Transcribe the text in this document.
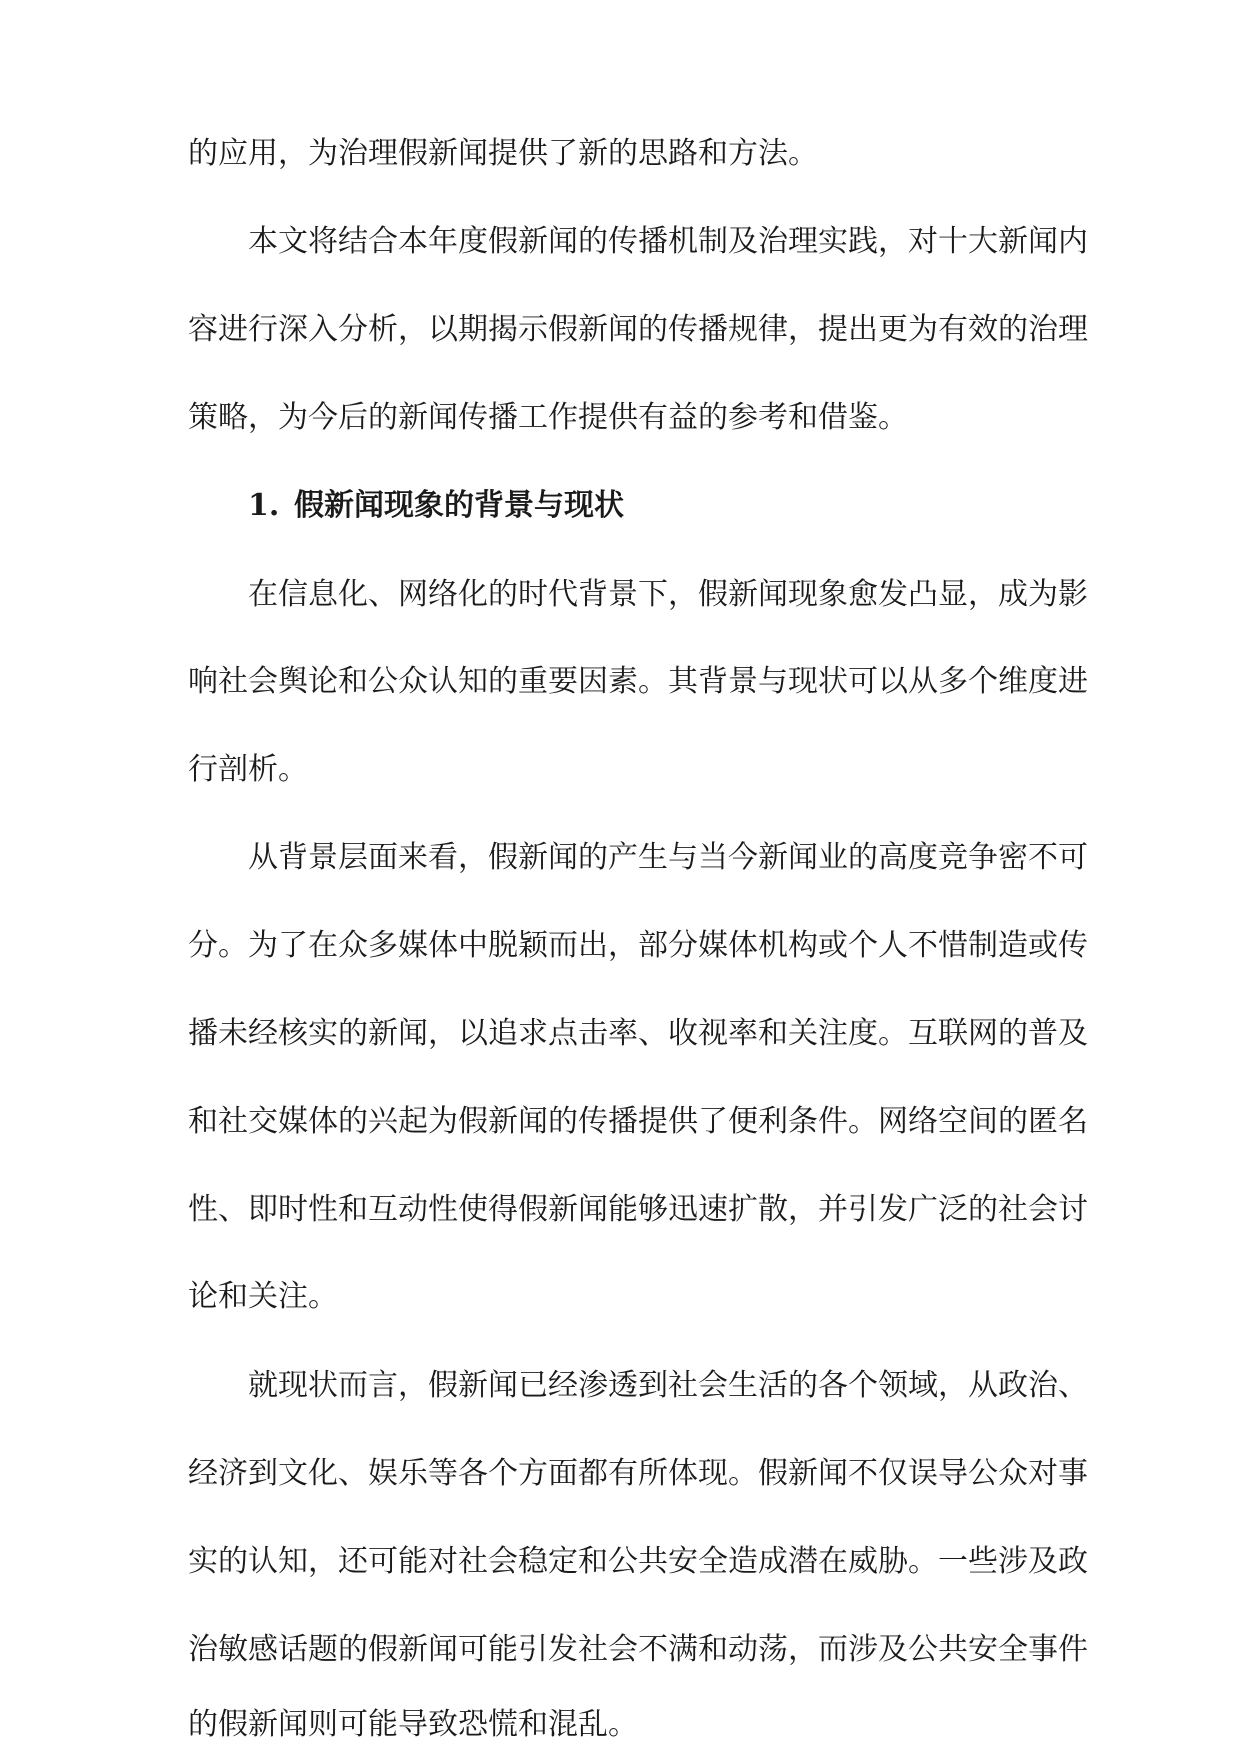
的应用，为治理假新闻提供了新的思路和方法。
本文将结合本年度假新闻的传播机制及治理实践，对十大新闻内
容进行深入分析，以期揭示假新闻的传播规律，提出更为有效的治理
策略，为今后的新闻传播工作提供有益的参考和借鉴。
1. 假新闻现象的背景与现状
在信息化、网络化的时代背景下，假新闻现象愈发凸显，成为影
响社会舆论和公众认知的重要因素。其背景与现状可以从多个维度进
行剖析。
从背景层面来看，假新闻的产生与当今新闻业的高度竞争密不可
分。为了在众多媒体中脱颖而出，部分媒体机构或个人不惜制造或传
播未经核实的新闻，以追求点击率、收视率和关注度。互联网的普及
和社交媒体的兴起为假新闻的传播提供了便利条件。网络空间的匿名
性、即时性和互动性使得假新闻能够迅速扩散，并引发广泛的社会讨
论和关注。
就现状而言，假新闻已经渗透到社会生活的各个领域，从政治、
经济到文化、娱乐等各个方面都有所体现。假新闻不仅误导公众对事
实的认知，还可能对社会稳定和公共安全造成潜在威胁。一些涉及政
治敏感话题的假新闻可能引发社会不满和动荡，而涉及公共安全事件
的假新闻则可能导致恐慌和混乱。
